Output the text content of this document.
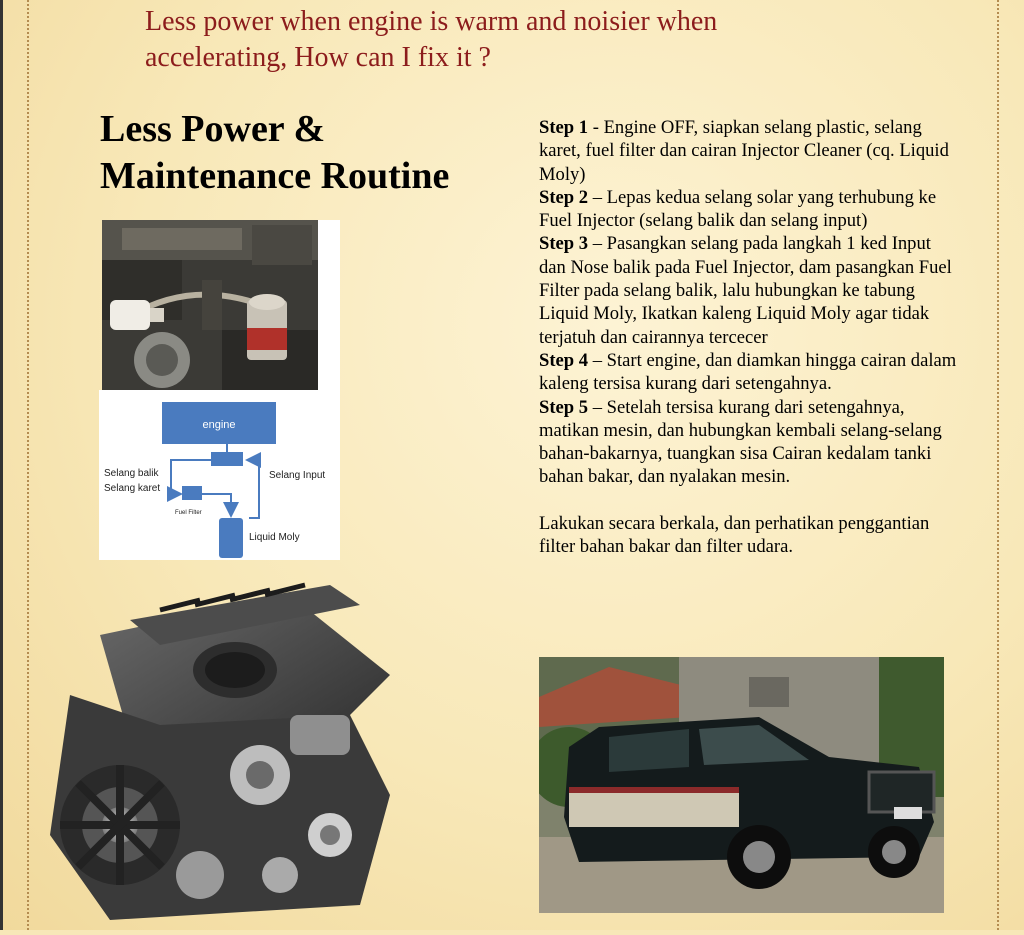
Less power when engine is warm and noisier when accelerating, How can I fix it ?
Less Power & Maintenance Routine

Step 1 - Engine OFF, siapkan selang plastic, selang karet, fuel filter dan cairan Injector Cleaner (cq. Liquid Moly)

Step 2 – Lepas kedua selang solar yang terhubung ke Fuel Injector (selang balik dan selang input)

Step 3 – Pasangkan selang pada langkah 1 ked Input dan Nose balik pada Fuel Injector, dam pasangkan Fuel Filter pada selang balik, lalu hubungkan ke tabung Liquid Moly, Ikatkan kaleng Liquid Moly agar tidak terjatuh dan cairannya tercecer

Step 4 – Start engine, dan diamkan hingga cairan dalam kaleng tersisa kurang dari setengahnya.

Step 5 – Setelah tersisa kurang dari setengahnya, matikan mesin, dan hubungkan kembali selang-selang bahan-bakarnya, tuangkan sisa Cairan kedalam tanki bahan bakar, dan nyalakan mesin.

Lakukan secara berkala, dan perhatikan penggantian filter bahan bakar dan filter udara.

engine
Selang balik
Selang karet
Selang Input
Fuel Filter
Liquid Moly
